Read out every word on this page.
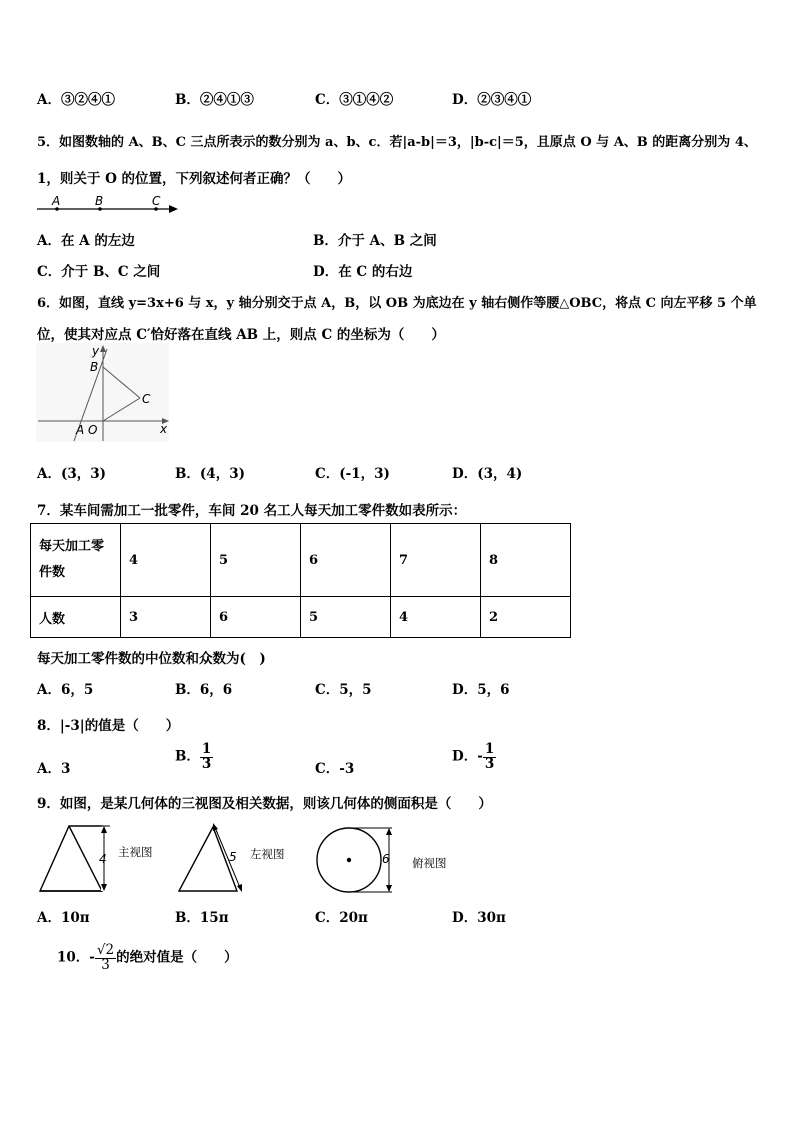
A．③②④①	B．②④①③	C．③①④②	D．②③④①
5．如图数轴的 A、B、C 三点所表示的数分别为 a、b、c．若|a-b|＝3，|b-c|＝5，且原点 O 与 A、B 的距离分别为 4、
1，则关于 O 的位置，下列叙述何者正确？（　　）
A	B	C
A．在 A 的左边	B．介于 A、B 之间
C．介于 B、C 之间	D．在 C 的右边
6．如图，直线 y=3x+6 与 x，y 轴分别交于点 A，B，以 OB 为底边在 y 轴右侧作等腰△OBC，将点 C 向左平移 5 个单
位，使其对应点 C′恰好落在直线 AB 上，则点 C 的坐标为（　　）
y
B
C
A O	x
A．(3，3)	B．(4，3)	C．(-1，3)	D．(3，4)
7．某车间需加工一批零件，车间 20 名工人每天加工零件数如表所示：
每天加工零
件数	4	5	6	7	8
人数	3	6	5	4	2
每天加工零件数的中位数和众数为(　)
A．6，5	B．6，6	C．5，5	D．5，6
8．|-3|的值是（　　）
A．3
B． $\frac{1}{3}$	C．-3
D．- $\frac{1}{3}$
9．如图，是某几何体的三视图及相关数据，则该几何体的侧面积是（　　）
4 主视图	5 左视图	6 俯视图
A．10π	B．15π	C．20π	D．30π
10．- $\frac{√2}{3}$ 的绝对值是（　　）
